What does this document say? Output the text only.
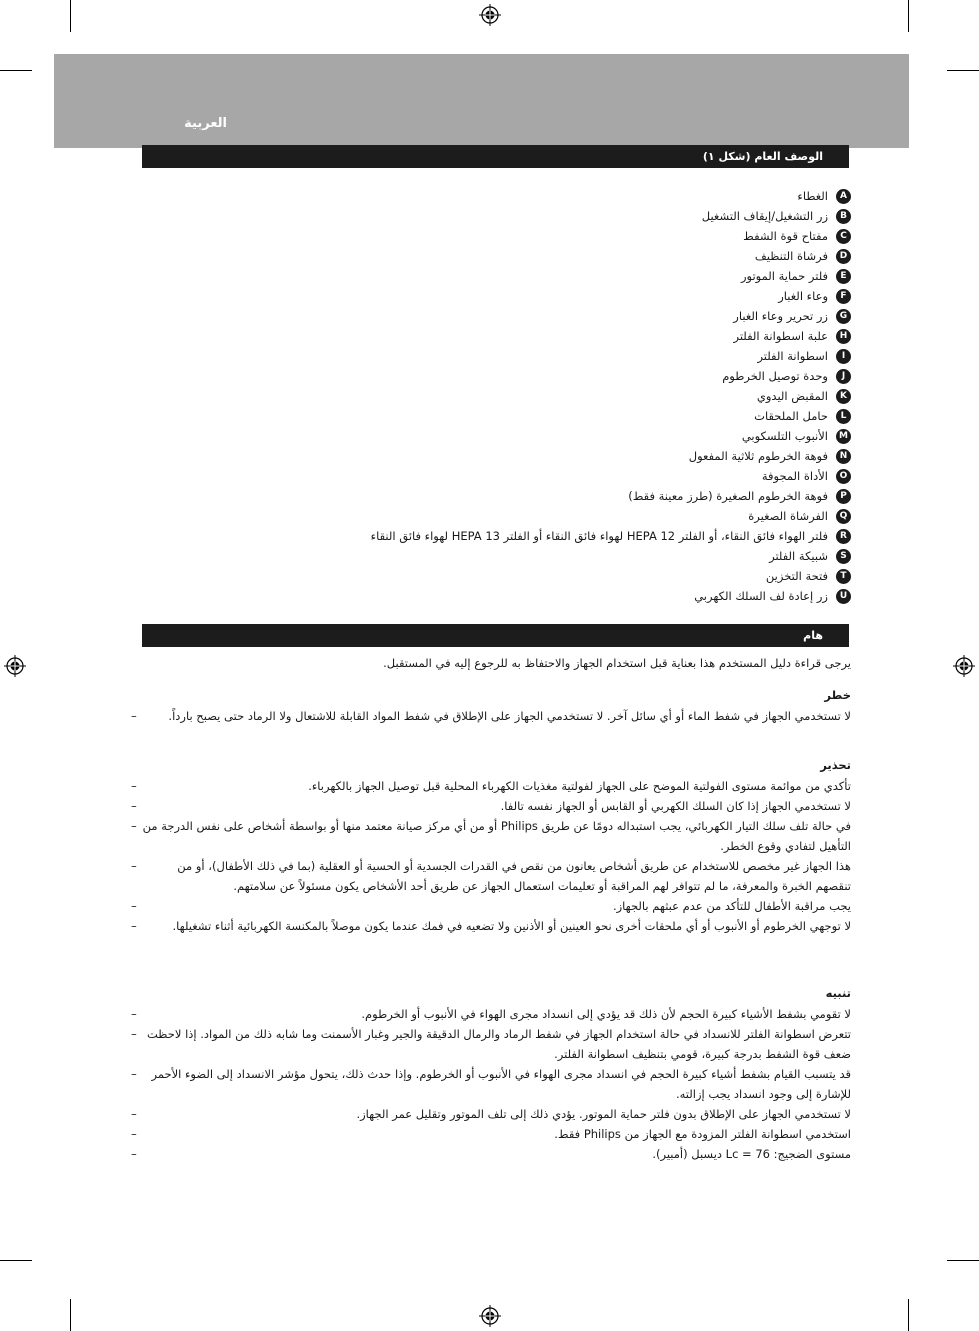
العربية
الوصف العام (شكل ١)
A
الغطاء
B
زر التشغيل/إيقاف التشغيل
C
مفتاح قوة الشفط
D
فرشاة التنظيف
E
فلتر حماية الموتور
F
وعاء الغبار
G
زر تحرير وعاء الغبار
H
علبة اسطوانة الفلتر
I
اسطوانة الفلتر
J
وحدة توصيل الخرطوم
K
المقبض اليدوي
L
حامل الملحقات
M
الأنبوب التلسكوبي
N
فوهة الخرطوم ثلاثية المفعول
O
الأداة المجوفة
P
فوهة الخرطوم الصغيرة (طرز معينة فقط)
Q
الفرشاة الصغيرة
R
فلتر الهواء فائق النقاء، أو الفلتر HEPA 12 لهواء فائق النقاء أو الفلتر HEPA 13 لهواء فائق النقاء
S
شبيكة الفلتر
T
فتحة التخزين
U
زر إعادة لف السلك الكهربي
هام

يرجى قراءة دليل المستخدم هذا بعناية قبل استخدام الجهاز والاحتفاظ به للرجوع إليه في المستقبل.

خطر
–	لا تستخدمي الجهاز في شفط الماء أو أي سائل آخر. لا تستخدمي الجهاز على الإطلاق في شفط المواد القابلة للاشتعال ولا الرماد حتى يصبح بارداً.
تحذير
–	تأكدي من موائمة مستوى الفولتية الموضح على الجهاز لفولتية مغذيات الكهرباء المحلية قبل توصيل الجهاز بالكهرباء.
–	لا تستخدمي الجهاز إذا كان السلك الكهربي أو القابس أو الجهاز نفسه تالفا.
– في حالة تلف سلك التيار الكهربائي، يجب استبداله دومًا عن طريق Philips أو من أي مركز صيانة معتمد منها أو بواسطة أشخاص على نفس الدرجة من التأهيل لتفادي وقوع الخطر.
–	هذا الجهاز غير مخصص للاستخدام عن طريق أشخاص يعانون من نقص في القدرات الجسدية أو الحسية أو العقلية (بما في ذلك الأطفال)، أو من تنقصهم الخبرة والمعرفة، ما لم تتوافر لهم المراقبة أو تعليمات استعمال الجهاز عن طريق أحد الأشخاص يكون مسئولاً عن سلامتهم.
–	يجب مراقبة الأطفال للتأكد من عدم عبثهم بالجهاز.
–	لا توجهي الخرطوم أو الأنبوب أو أي ملحقات أخرى نحو العينين أو الأذنين ولا تضعيه في فمك عندما يكون موصلاً بالمكنسة الكهربائية أثناء تشغيلها.
تنبيه
–	لا تقومي بشفط الأشياء كبيرة الحجم لأن ذلك قد يؤدي إلى انسداد مجرى الهواء في الأنبوب أو الخرطوم.
– تتعرض اسطوانة الفلتر للانسداد في حالة استخدام الجهاز في شفط الرماد والرمال الدقيقة والجير وغبار الأسمنت وما شابه ذلك من المواد. إذا لاحظت ضعف قوة الشفط بدرجة كبيرة، قومي بتنظيف اسطوانة الفلتر.
–	قد يتسبب القيام بشفط أشياء كبيرة الحجم في انسداد مجرى الهواء في الأنبوب أو الخرطوم. وإذا حدث ذلك، يتحول مؤشر الانسداد إلى الضوء الأحمر للإشارة إلى وجود انسداد يجب إزالته.
–	لا تستخدمي الجهاز على الإطلاق بدون فلتر حماية الموتور. يؤدي ذلك إلى تلف الموتور وتقليل عمر الجهاز.
–	استخدمي اسطوانة الفلتر المزودة مع الجهاز من Philips فقط.
–	مستوى الضجيج: Lc = 76 ديسبل (أمبير).
